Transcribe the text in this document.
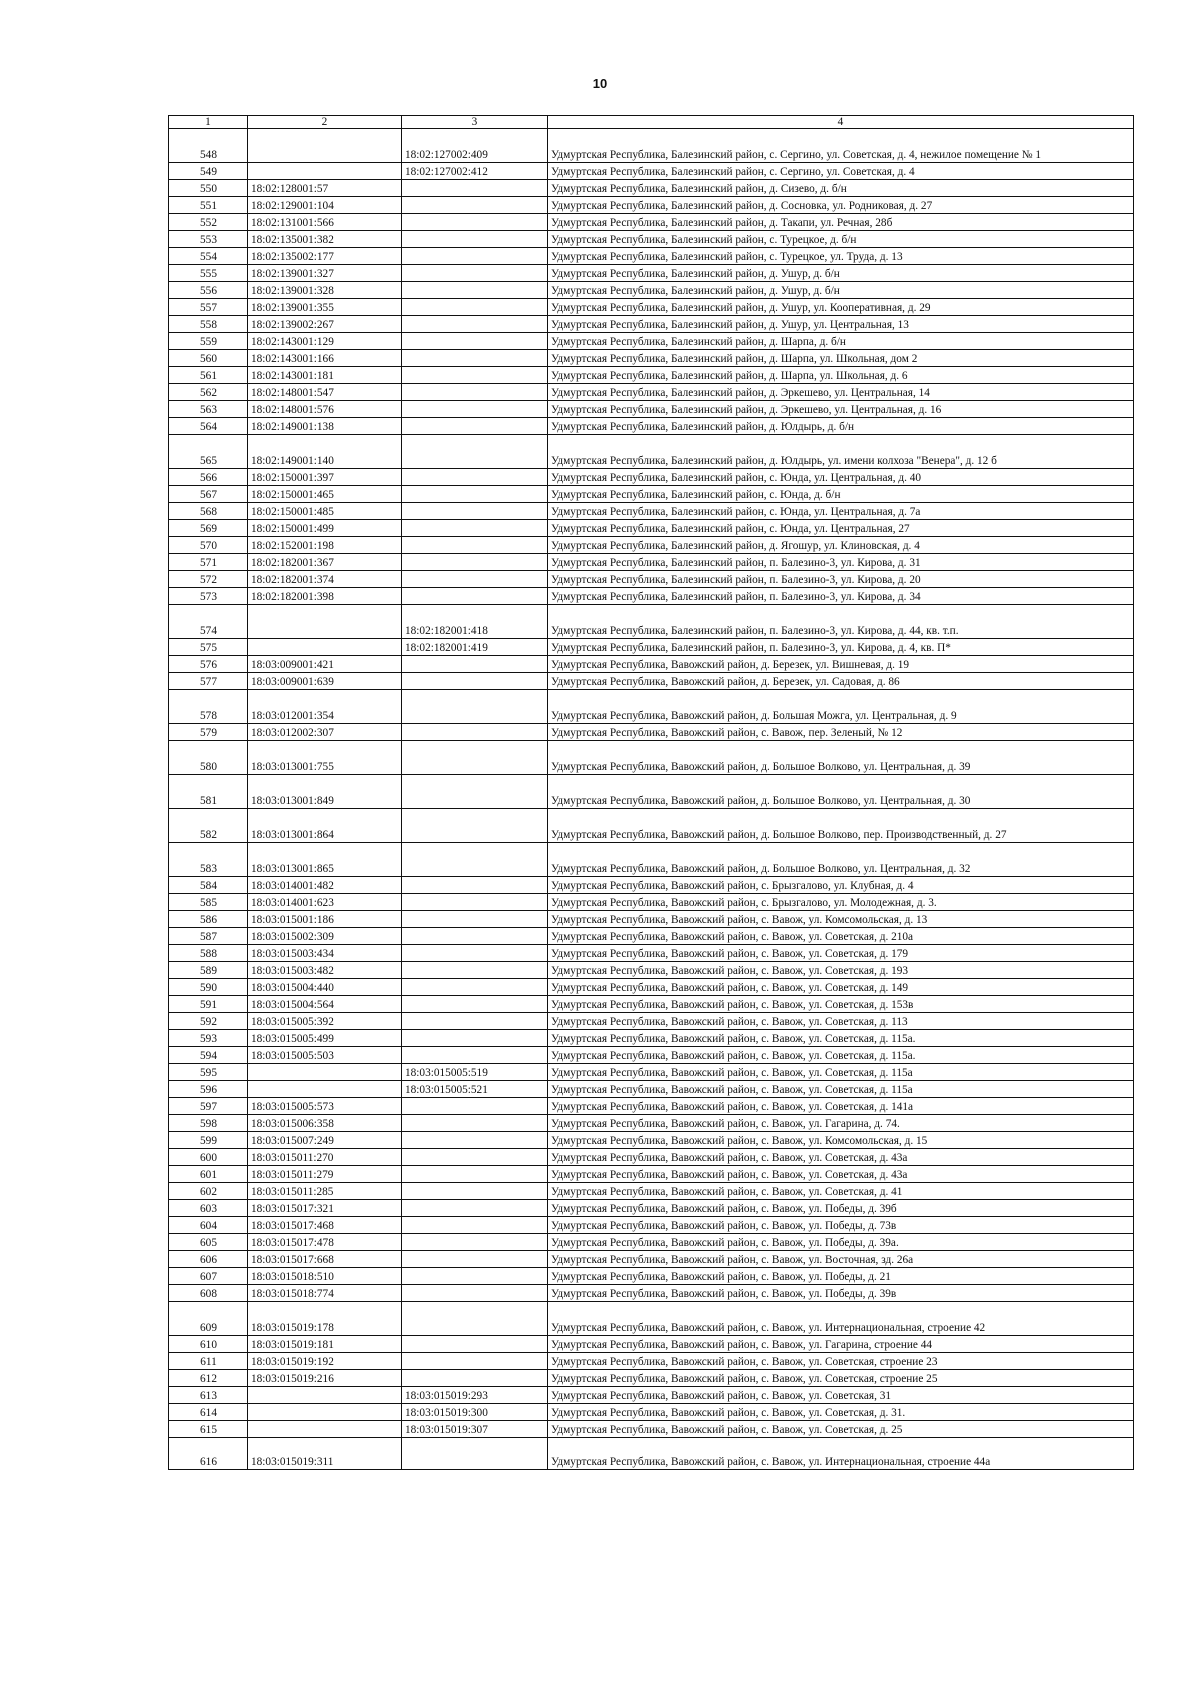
10
1	2	3	4
548		18:02:127002:409	Удмуртская Республика, Балезинский район, с. Сергино, ул. Советская, д. 4, нежилое помещение № 1
549		18:02:127002:412	Удмуртская Республика, Балезинский район, с. Сергино, ул. Советская, д. 4
550	18:02:128001:57		Удмуртская Республика, Балезинский район, д. Сизево, д. б/н
551	18:02:129001:104		Удмуртская Республика, Балезинский район, д. Сосновка, ул. Родниковая, д. 27
552	18:02:131001:566		Удмуртская Республика, Балезинский район, д. Такапи, ул. Речная, 28б
553	18:02:135001:382		Удмуртская Республика, Балезинский район, с. Турецкое, д. б/н
554	18:02:135002:177		Удмуртская Республика, Балезинский район, с. Турецкое, ул. Труда, д. 13
555	18:02:139001:327		Удмуртская Республика, Балезинский район, д. Ушур, д. б/н
556	18:02:139001:328		Удмуртская Республика, Балезинский район, д. Ушур, д. б/н
557	18:02:139001:355		Удмуртская Республика, Балезинский район, д. Ушур, ул. Кооперативная, д. 29
558	18:02:139002:267		Удмуртская Республика, Балезинский район, д. Ушур, ул. Центральная, 13
559	18:02:143001:129		Удмуртская Республика, Балезинский район, д. Шарпа, д. б/н
560	18:02:143001:166		Удмуртская Республика, Балезинский район, д. Шарпа, ул. Школьная, дом 2
561	18:02:143001:181		Удмуртская Республика, Балезинский район, д. Шарпа, ул. Школьная, д. 6
562	18:02:148001:547		Удмуртская Республика, Балезинский район, д. Эркешево, ул. Центральная, 14
563	18:02:148001:576		Удмуртская Республика, Балезинский район, д. Эркешево, ул. Центральная, д. 16
564	18:02:149001:138		Удмуртская Республика, Балезинский район, д. Юлдырь, д. б/н
565	18:02:149001:140		Удмуртская Республика, Балезинский район, д. Юлдырь, ул. имени колхоза "Венера", д. 12 б
566	18:02:150001:397		Удмуртская Республика, Балезинский район, с. Юнда, ул. Центральная, д. 40
567	18:02:150001:465		Удмуртская Республика, Балезинский район, с. Юнда, д. б/н
568	18:02:150001:485		Удмуртская Республика, Балезинский район, с. Юнда, ул. Центральная, д. 7а
569	18:02:150001:499		Удмуртская Республика, Балезинский район, с. Юнда, ул. Центральная, 27
570	18:02:152001:198		Удмуртская Республика, Балезинский район, д. Ягошур, ул. Клиновская, д. 4
571	18:02:182001:367		Удмуртская Республика, Балезинский район, п. Балезино-3, ул. Кирова, д. 31
572	18:02:182001:374		Удмуртская Республика, Балезинский район, п. Балезино-3, ул. Кирова, д. 20
573	18:02:182001:398		Удмуртская Республика, Балезинский район, п. Балезино-3, ул. Кирова, д. 34
574		18:02:182001:418	Удмуртская Республика, Балезинский район, п. Балезино-3, ул. Кирова, д. 44, кв. т.п.
575		18:02:182001:419	Удмуртская Республика, Балезинский район, п. Балезино-3, ул. Кирова, д. 4, кв. П*
576	18:03:009001:421		Удмуртская Республика, Вавожский район, д. Березек, ул. Вишневая, д. 19
577	18:03:009001:639		Удмуртская Республика, Вавожский район, д. Березек, ул. Садовая, д. 86
578	18:03:012001:354		Удмуртская Республика, Вавожский район, д. Большая Можга, ул. Центральная, д. 9
579	18:03:012002:307		Удмуртская Республика, Вавожский район, с. Вавож, пер. Зеленый, № 12
580	18:03:013001:755		Удмуртская Республика, Вавожский район, д. Большое Волково, ул. Центральная, д. 39
581	18:03:013001:849		Удмуртская Республика, Вавожский район, д. Большое Волково, ул. Центральная, д. 30
582	18:03:013001:864		Удмуртская Республика, Вавожский район, д. Большое Волково, пер. Производственный, д. 27
583	18:03:013001:865		Удмуртская Республика, Вавожский район, д. Большое Волково, ул. Центральная, д. 32
584	18:03:014001:482		Удмуртская Республика, Вавожский район, с. Брызгалово, ул. Клубная, д. 4
585	18:03:014001:623		Удмуртская Республика, Вавожский район, с. Брызгалово, ул. Молодежная, д. 3.
586	18:03:015001:186		Удмуртская Республика, Вавожский район, с. Вавож, ул. Комсомольская, д. 13
587	18:03:015002:309		Удмуртская Республика, Вавожский район, с. Вавож, ул. Советская, д. 210а
588	18:03:015003:434		Удмуртская Республика, Вавожский район, с. Вавож, ул. Советская, д. 179
589	18:03:015003:482		Удмуртская Республика, Вавожский район, с. Вавож, ул. Советская, д. 193
590	18:03:015004:440		Удмуртская Республика, Вавожский район, с. Вавож, ул. Советская, д. 149
591	18:03:015004:564		Удмуртская Республика, Вавожский район, с. Вавож, ул. Советская, д. 153в
592	18:03:015005:392		Удмуртская Республика, Вавожский район, с. Вавож, ул. Советская, д. 113
593	18:03:015005:499		Удмуртская Республика, Вавожский район, с. Вавож, ул. Советская, д. 115а.
594	18:03:015005:503		Удмуртская Республика, Вавожский район, с. Вавож, ул. Советская, д. 115а.
595		18:03:015005:519	Удмуртская Республика, Вавожский район, с. Вавож, ул. Советская, д. 115а
596		18:03:015005:521	Удмуртская Республика, Вавожский район, с. Вавож, ул. Советская, д. 115а
597	18:03:015005:573		Удмуртская Республика, Вавожский район, с. Вавож, ул. Советская, д. 141а
598	18:03:015006:358		Удмуртская Республика, Вавожский район, с. Вавож, ул. Гагарина, д. 74.
599	18:03:015007:249		Удмуртская Республика, Вавожский район, с. Вавож, ул. Комсомольская, д. 15
600	18:03:015011:270		Удмуртская Республика, Вавожский район, с. Вавож, ул. Советская, д. 43а
601	18:03:015011:279		Удмуртская Республика, Вавожский район, с. Вавож, ул. Советская, д. 43а
602	18:03:015011:285		Удмуртская Республика, Вавожский район, с. Вавож, ул. Советская, д. 41
603	18:03:015017:321		Удмуртская Республика, Вавожский район, с. Вавож, ул. Победы, д. 39б
604	18:03:015017:468		Удмуртская Республика, Вавожский район, с. Вавож, ул. Победы, д. 73в
605	18:03:015017:478		Удмуртская Республика, Вавожский район, с. Вавож, ул. Победы, д. 39а.
606	18:03:015017:668		Удмуртская Республика, Вавожский район, с. Вавож, ул. Восточная, зд. 26а
607	18:03:015018:510		Удмуртская Республика, Вавожский район, с. Вавож, ул. Победы, д. 21
608	18:03:015018:774		Удмуртская Республика, Вавожский район, с. Вавож, ул. Победы, д. 39в
609	18:03:015019:178		Удмуртская Республика, Вавожский район, с. Вавож, ул. Интернациональная, строение 42
610	18:03:015019:181		Удмуртская Республика, Вавожский район, с. Вавож, ул. Гагарина, строение 44
611	18:03:015019:192		Удмуртская Республика, Вавожский район, с. Вавож, ул. Советская, строение 23
612	18:03:015019:216		Удмуртская Республика, Вавожский район, с. Вавож, ул. Советская, строение 25
613		18:03:015019:293	Удмуртская Республика, Вавожский район, с. Вавож, ул. Советская, 31
614		18:03:015019:300	Удмуртская Республика, Вавожский район, с. Вавож, ул. Советская, д. 31.
615		18:03:015019:307	Удмуртская Республика, Вавожский район, с. Вавож, ул. Советская, д. 25
616	18:03:015019:311		Удмуртская Республика, Вавожский район, с. Вавож, ул. Интернациональная, строение 44а
